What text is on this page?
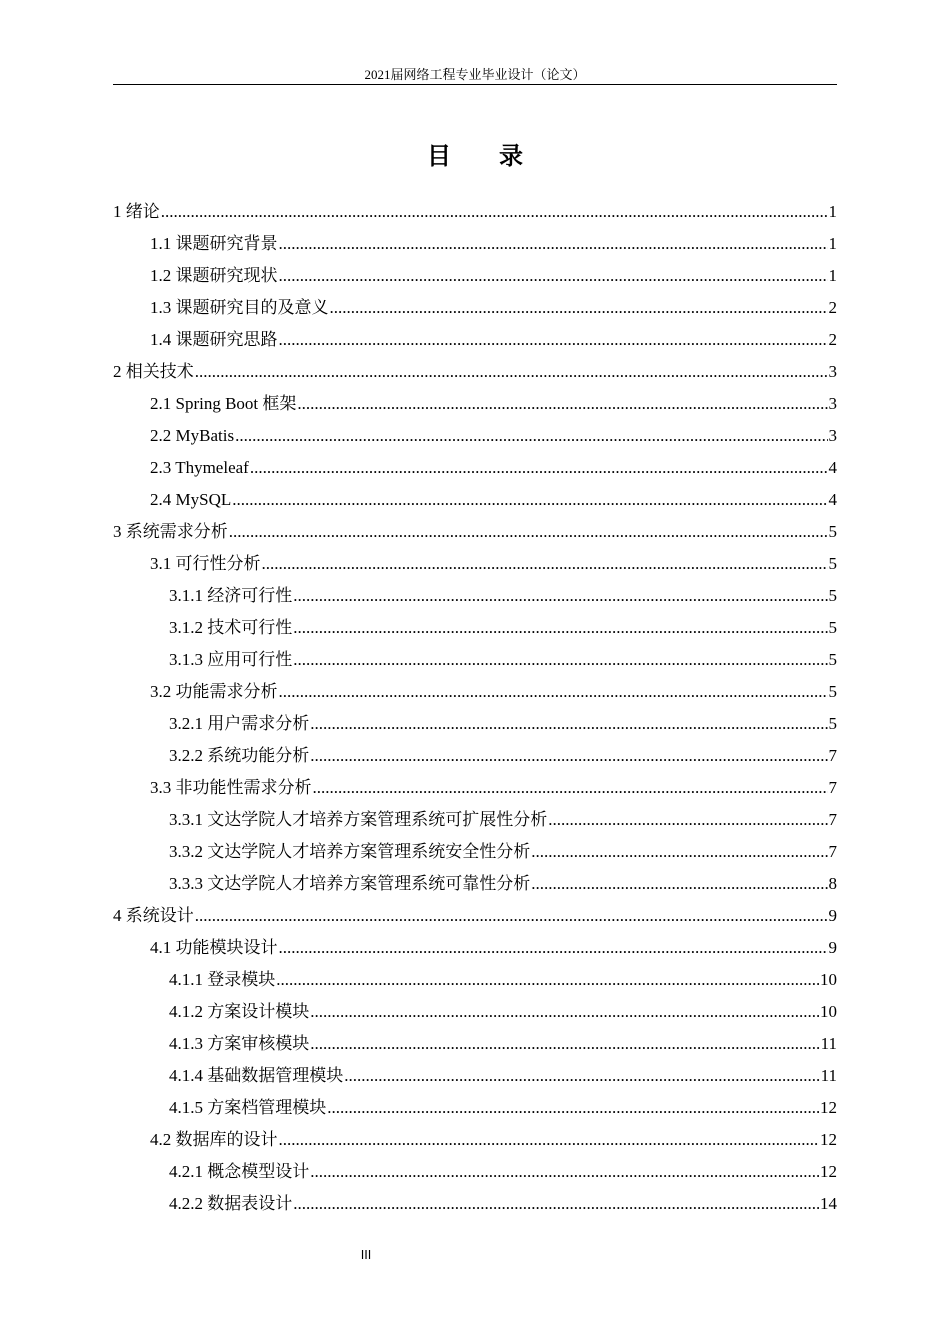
2021届网络工程专业毕业设计（论文）
目 录
1 绪论 .....	1
1.1 课题研究背景 .....	1
1.2 课题研究现状 .....	1
1.3 课题研究目的及意义 .....	2
1.4 课题研究思路 .....	2
2 相关技术 .....	3
2.1 Spring Boot 框架 .....	3
2.2 MyBatis .....	3
2.3 Thymeleaf .....	4
2.4 MySQL .....	4
3 系统需求分析 .....	5
3.1 可行性分析 .....	5
3.1.1 经济可行性 .....	5
3.1.2 技术可行性 .....	5
3.1.3 应用可行性 .....	5
3.2 功能需求分析 .....	5
3.2.1 用户需求分析 .....	5
3.2.2 系统功能分析 .....	7
3.3 非功能性需求分析 .....	7
3.3.1 文达学院人才培养方案管理系统可扩展性分析 .....	7
3.3.2 文达学院人才培养方案管理系统安全性分析 .....	7
3.3.3 文达学院人才培养方案管理系统可靠性分析 .....	8
4 系统设计 .....	9
4.1 功能模块设计 .....	9
4.1.1 登录模块 .....	10
4.1.2 方案设计模块 .....	10
4.1.3 方案审核模块 .....	11
4.1.4 基础数据管理模块 .....	11
4.1.5 方案档管理模块 .....	12
4.2 数据库的设计 .....	12
4.2.1 概念模型设计 .....	12
4.2.2 数据表设计 .....	14
III
